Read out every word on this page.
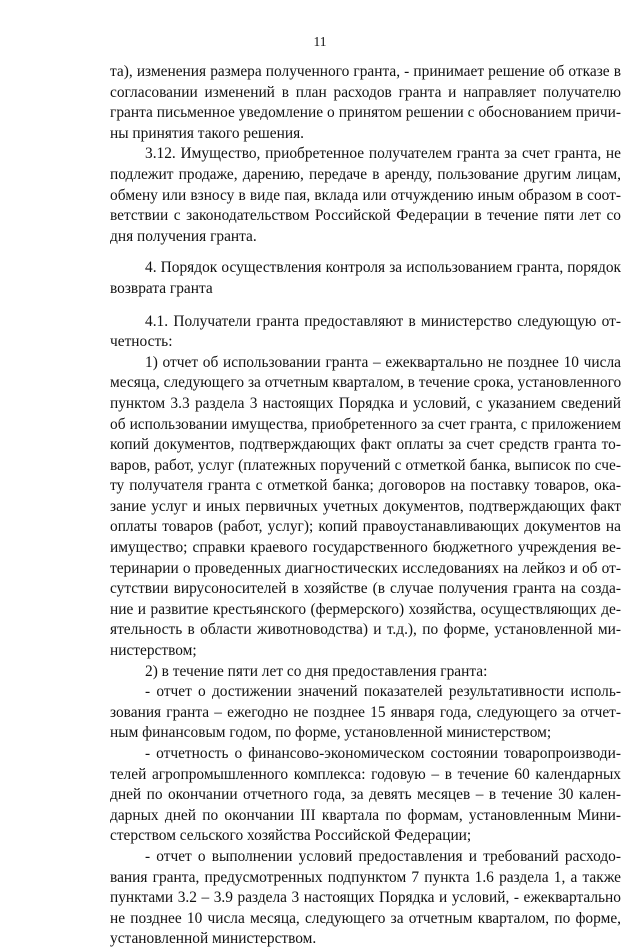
11
та), изменения размера полученного гранта, - принимает решение об отказе в
согласовании изменений в план расходов гранта и направляет получателю
гранта письменное уведомление о принятом решении с обоснованием причи-
ны принятия такого решения.
3.12. Имущество, приобретенное получателем гранта за счет гранта, не
подлежит продаже, дарению, передаче в аренду, пользование другим лицам,
обмену или взносу в виде пая, вклада или отчуждению иным образом в соот-
ветствии с законодательством Российской Федерации в течение пяти лет со
дня получения гранта.
4. Порядок осуществления контроля за использованием гранта, порядок
возврата гранта
4.1. Получатели гранта предоставляют в министерство следующую от-
четность:
1) отчет об использовании гранта – ежеквартально не позднее 10 числа
месяца, следующего за отчетным кварталом, в течение срока, установленного
пунктом 3.3 раздела 3 настоящих Порядка и условий, с указанием сведений
об использовании имущества, приобретенного за счет гранта, с приложением
копий документов, подтверждающих факт оплаты за счет средств гранта то-
варов, работ, услуг (платежных поручений с отметкой банка, выписок по сче-
ту получателя гранта с отметкой банка; договоров на поставку товаров, ока-
зание услуг и иных первичных учетных документов, подтверждающих факт
оплаты товаров (работ, услуг); копий правоустанавливающих документов на
имущество; справки краевого государственного бюджетного учреждения ве-
теринарии о проведенных диагностических исследованиях на лейкоз и об от-
сутствии вирусоносителей в хозяйстве (в случае получения гранта на созда-
ние и развитие крестьянского (фермерского) хозяйства, осуществляющих де-
ятельность в области животноводства) и т.д.), по форме, установленной ми-
нистерством;
2) в течение пяти лет со дня предоставления гранта:
- отчет о достижении значений показателей результативности исполь-
зования гранта – ежегодно не позднее 15 января года, следующего за отчет-
ным финансовым годом, по форме, установленной министерством;
- отчетность о финансово-экономическом состоянии товаропроизводи-
телей агропромышленного комплекса: годовую – в течение 60 календарных
дней по окончании отчетного года, за девять месяцев – в течение 30 кален-
дарных дней по окончании III квартала по формам, установленным Мини-
стерством сельского хозяйства Российской Федерации;
- отчет о выполнении условий предоставления и требований расходо-
вания гранта, предусмотренных подпунктом 7 пункта 1.6 раздела 1, а также
пунктами 3.2 – 3.9 раздела 3 настоящих Порядка и условий, - ежеквартально
не позднее 10 числа месяца, следующего за отчетным кварталом, по форме,
установленной министерством.
